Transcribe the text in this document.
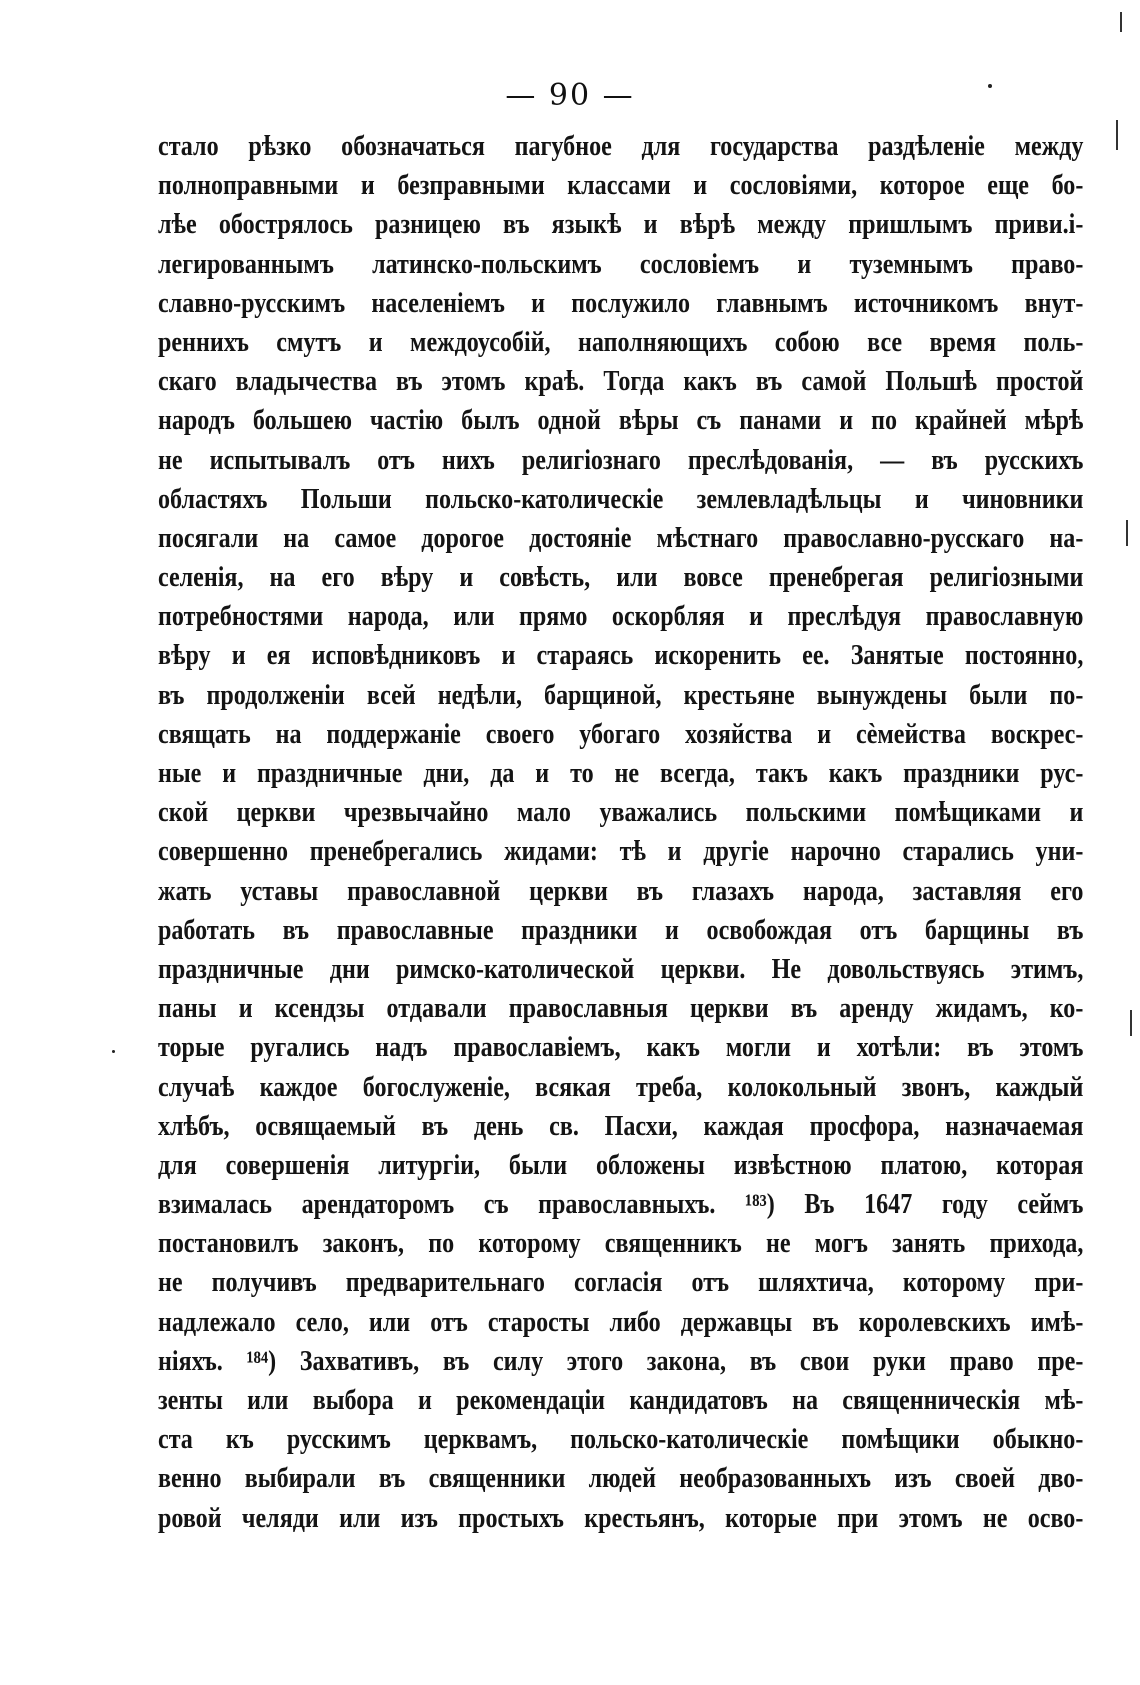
— 90 —
стало рѣзко обозначаться пагубное для государства раздѣленіе между
полноправными и безправными классами и сословіями, которое еще бо-
лѣе обострялось разницею въ языкѣ и вѣрѣ между пришлымъ приви.і-
легированнымъ латинско-польскимъ сословіемъ и туземнымъ право-
славно-русскимъ населеніемъ и послужило главнымъ источникомъ внут-
реннихъ смутъ и междоусобій, наполняющихъ собою все время поль-
скаго владычества въ этомъ краѣ. Тогда какъ въ самой Польшѣ простой
народъ большею частію былъ одной вѣры съ панами и по крайней мѣрѣ
не испытывалъ отъ нихъ религіознаго преслѣдованія, — въ русскихъ
областяхъ Польши польско-католическіе землевладѣльцы и чиновники
посягали на самое дорогое достояніе мѣстнаго православно-русскаго на-
селенія, на его вѣру и совѣсть, или вовсе пренебрегая религіозными
потребностями народа, или прямо оскорбляя и преслѣдуя православную
вѣру и ея исповѣдниковъ и стараясь искоренить ее. Занятые постоянно,
въ продолженіи всей недѣли, барщиной, крестьяне вынуждены были по-
свящать на поддержаніе своего убогаго хозяйства и сѐмейства воскрес-
ные и праздничные дни, да и то не всегда, такъ какъ праздники рус-
ской церкви чрезвычайно мало уважались польскими помѣщиками и
совершенно пренебрегались жидами: тѣ и другіе нарочно старались уни-
жать уставы православной церкви въ глазахъ народа, заставляя его
работать въ православные праздники и освобождая отъ барщины въ
праздничные дни римско-католической церкви. Не довольствуясь этимъ,
паны и ксендзы отдавали православныя церкви въ аренду жидамъ, ко-
торые ругались надъ православіемъ, какъ могли и хотѣли: въ этомъ
случаѣ каждое богослуженіе, всякая треба, колокольный звонъ, каждый
хлѣбъ, освящаемый въ день св. Пасхи, каждая просфора, назначаемая
для совершенія литургіи, были обложены извѣстною платою, которая
взималась арендаторомъ съ православныхъ. ¹⁸³) Въ 1647 году сеймъ
постановилъ законъ, по которому священникъ не могъ занять прихода,
не получивъ предварительнаго согласія отъ шляхтича, которому при-
надлежало село, или отъ старосты либо державцы въ королевскихъ имѣ-
ніяхъ. ¹⁸⁴) Захвативъ, въ силу этого закона, въ свои руки право пре-
зенты или выбора и рекомендаціи кандидатовъ на священническія мѣ-
ста къ русскимъ церквамъ, польско-католическіе помѣщики обыкно-
венно выбирали въ священники людей необразованныхъ изъ своей дво-
ровой челяди или изъ простыхъ крестьянъ, которые при этомъ не осво-
